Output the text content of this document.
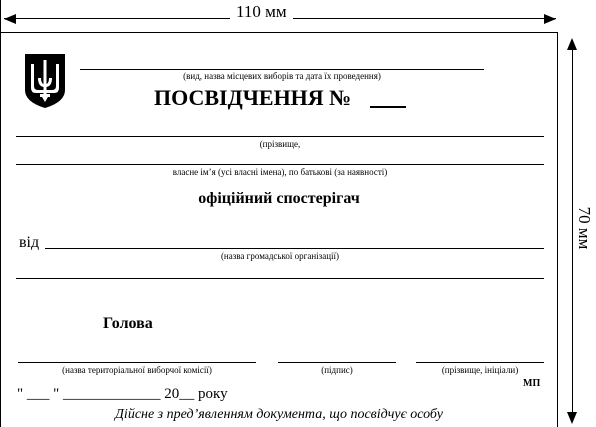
110 мм
70 мм
(вид, назва місцевих виборів та дата їх проведення)
ПОСВІДЧЕННЯ №
(прізвище,
власне ім’я (усі власні імена), по батькові (за наявності)
офіційний спостерігач
від
(назва громадської організації)
Голова
(назва територіальної виборчої комісії)	(підпис)	(прізвище, ініціали)
МП
" ___ " _____________ 20__ року
Дійсне з пред’явленням документа, що посвідчує особу
